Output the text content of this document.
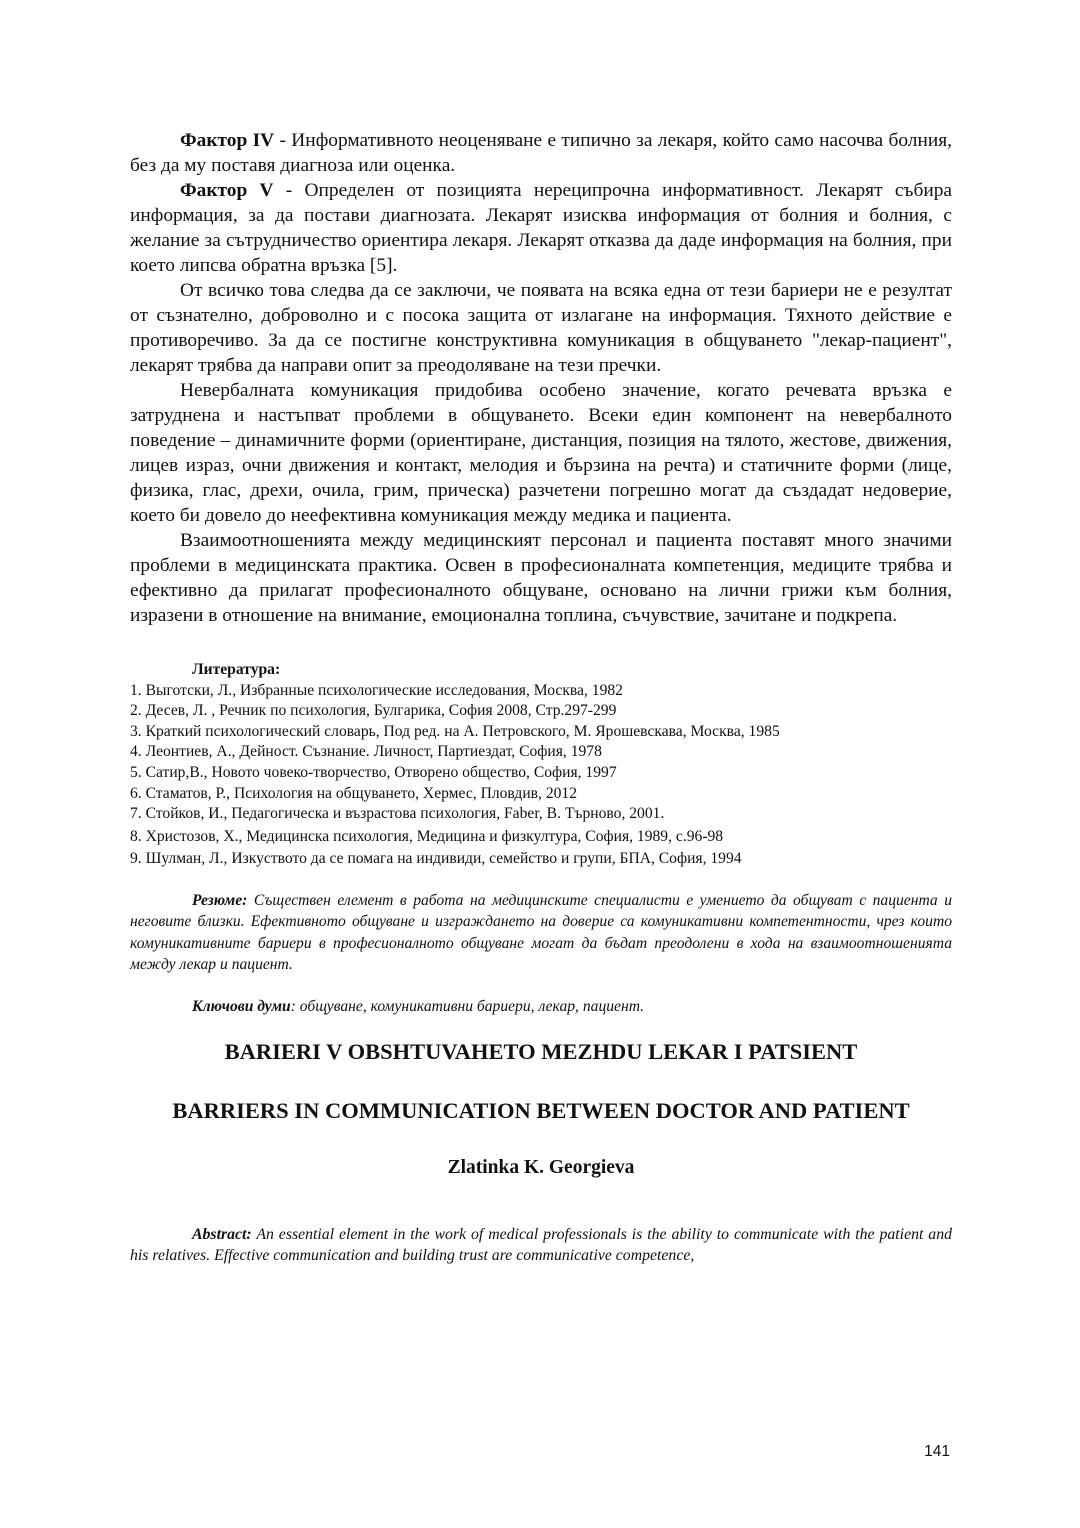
Фактор IV - Информативното неоценяване е типично за лекаря, който само насочва болния, без да му поставя диагноза или оценка.

Фактор V - Определен от позицията нереципрочна информативност. Лекарят събира информация, за да постави диагнозата. Лекарят изисква информация от болния и болния, с желание за сътрудничество ориентира лекаря. Лекарят отказва да даде информация на болния, при което липсва обратна връзка [5].

От всичко това следва да се заключи, че появата на всяка една от тези бариери не е резултат от съзнателно, доброволно и с посока защита от излагане на информация. Тяхното действие е противоречиво. За да се постигне конструктивна комуникация в общуването "лекар-пациент", лекарят трябва да направи опит за преодоляване на тези пречки.

Невербалната комуникация придобива особено значение, когато речевата връзка е затруднена и настъпват проблеми в общуването. Всеки един компонент на невербалното поведение – динамичните форми (ориентиране, дистанция, позиция на тялото, жестове, движения, лицев израз, очни движения и контакт, мелодия и бързина на речта) и статичните форми (лице, физика, глас, дрехи, очила, грим, прическа) разчетени погрешно могат да създадат недоверие, което би довело до неефективна комуникация между медика и пациента.

Взаимоотношенията между медицинският персонал и пациента поставят много значими проблеми в медицинската практика. Освен в професионалната компетенция, медиците трябва и ефективно да прилагат професионалното общуване, основано на лични грижи към болния, изразени в отношение на внимание, емоционална топлина, съчувствие, зачитане и подкрепа.

Литература:
1. Выготски, Л., Избранные психологические исследования, Москва, 1982
2. Десев, Л. , Речник по психология, Булгарика, София 2008, Стр.297-299
3. Краткий психологический словарь, Под ред. на А. Петровского, М. Ярошевскава, Москва, 1985
4. Леонтиев, А., Дейност. Съзнание. Личност, Партиездат, София, 1978
5. Сатир,В., Новото човеко-творчество, Отворено общество, София, 1997
6. Стаматов, Р., Психология на общуването, Хермес, Пловдив, 2012
7. Стойков, И., Педагогическа и възрастова психология, Faber, В. Търново, 2001.
8. Христозов, Х., Медицинска психология, Медицина и физкултура, София, 1989, с.96-98
9. Шулман, Л., Изкуството да се помага на индивиди, семейство и групи, БПА, София, 1994
Резюме: Съществен елемент в работа на медицинските специалисти е умението да общуват с пациента и неговите близки. Ефективното общуване и изграждането на доверие са комуникативни компетентности, чрез които комуникативните бариери в професионалното общуване могат да бъдат преодолени в хода на взаимоотношенията между лекар и пациент.
Ключови думи: общуване, комуникативни бариери, лекар, пациент.
BARIERI V OBSHTUVAHETO MEZHDU LEKAR I PATSIENT
BARRIERS IN COMMUNICATION BETWEEN DOCTOR AND PATIENT
Zlatinka K. Georgieva
Abstract: An essential element in the work of medical professionals is the ability to communicate with the patient and his relatives. Effective communication and building trust are communicative competence,
141
